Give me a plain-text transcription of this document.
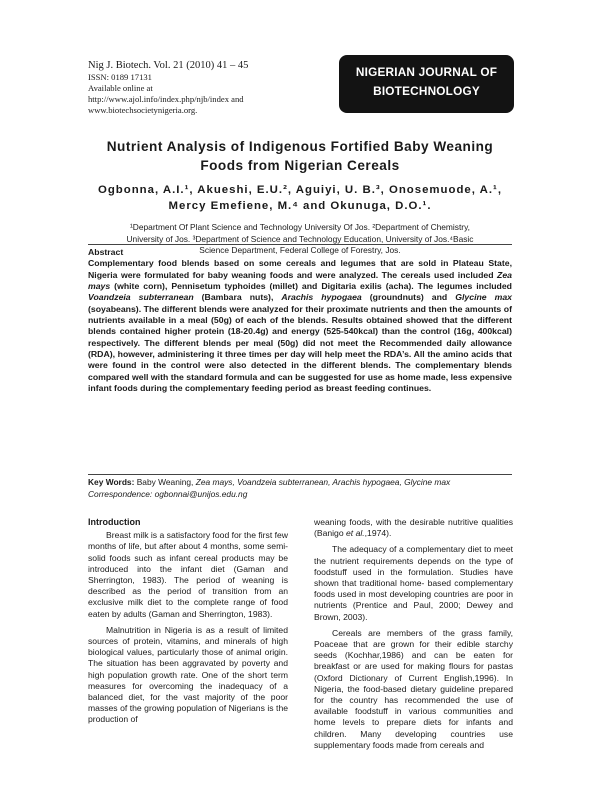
Nig J. Biotech. Vol. 21 (2010) 41 – 45
ISSN: 0189 17131
Available online at
http://www.ajol.info/index.php/njb/index and
www.biotechsocietynigeria.org.
NIGERIAN JOURNAL OF
BIOTECHNOLOGY
Nutrient Analysis of Indigenous Fortified Baby Weaning
Foods from Nigerian Cereals
Ogbonna, A.I.¹, Akueshi, E.U.², Aguiyi, U. B.³, Onosemuode, A.¹,
Mercy Emefiene, M.⁴ and Okunuga, D.O.¹.
¹Department Of Plant Science and Technology University Of Jos. ²Department of Chemistry,
University of Jos. ³Department of Science and Technology Education, University of Jos.⁴Basic
Science Department, Federal College of Forestry, Jos.
Abstract
Complementary food blends based on some cereals and legumes that are sold in Plateau State, Nigeria were formulated for baby weaning foods and were analyzed. The cereals used included Zea mays (white corn), Pennisetum typhoides (millet) and Digitaria exilis (acha). The legumes included Voandzeia subterranean (Bambara nuts), Arachis hypogaea (groundnuts) and Glycine max (soyabeans). The different blends were analyzed for their proximate nutrients and then the amounts of nutrients available in a meal (50g) of each of the blends. Results obtained showed that the different blends contained higher protein (18-20.4g) and energy (525-540kcal) than the control (16g, 400kcal) respectively. The different blends per meal (50g) did not meet the Recommended daily allowance (RDA), however, administering it three times per day will help meet the RDA’s. All the amino acids that were found in the control were also detected in the different blends. The complementary blends compared well with the standard formula and can be suggested for use as home made, less expensive infant foods during the complementary feeding period as breast feeding continues.
Key Words: Baby Weaning, Zea mays, Voandzeia subterranean, Arachis hypogaea, Glycine max
Correspondence: ogbonnai@unijos.edu.ng
Introduction

Breast milk is a satisfactory food for the first few months of life, but after about 4 months, some semi-solid foods such as infant cereal products may be introduced into the infant diet (Gaman and Sherrington, 1983). The period of weaning is described as the period of transition from an exclusive milk diet to the complete range of food eaten by adults (Gaman and Sherrington, 1983).

Malnutrition in Nigeria is as a result of limited sources of protein, vitamins, and minerals of high biological values, particularly those of animal origin. The situation has been aggravated by poverty and high population growth rate. One of the short term measures for overcoming the inadequacy of a balanced diet, for the vast majority of the poor masses of the growing population of Nigerians is the production of

weaning foods, with the desirable nutritive qualities (Banigo et al.,1974).

The adequacy of a complementary diet to meet the nutrient requirements depends on the type of foodstuff used in the formulation. Studies have shown that traditional home- based complementary foods used in most developing countries are poor in nutrients (Prentice and Paul, 2000; Dewey and Brown, 2003).

Cereals are members of the grass family, Poaceae that are grown for their edible starchy seeds (Kochhar,1986) and can be eaten for breakfast or are used for making flours for pastas (Oxford Dictionary of Current English,1996). In Nigeria, the food-based dietary guideline prepared for the country has recommended the use of available foodstuff in various communities and home levels to prepare diets for infants and children. Many developing countries use supplementary foods made from cereals and
